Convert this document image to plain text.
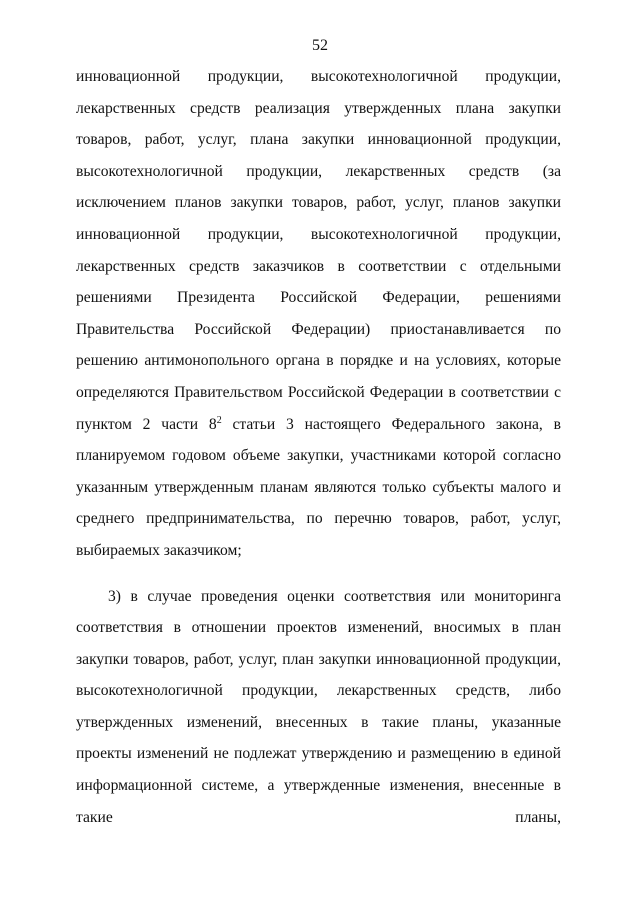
52

инновационной продукции, высокотехнологичной продукции, лекарственных средств реализация утвержденных плана закупки товаров, работ, услуг, плана закупки инновационной продукции, высокотехнологичной продукции, лекарственных средств (за исключением планов закупки товаров, работ, услуг, планов закупки инновационной продукции, высокотехнологичной продукции, лекарственных средств заказчиков в соответствии с отдельными решениями Президента Российской Федерации, решениями Правительства Российской Федерации) приостанавливается по решению антимонопольного органа в порядке и на условиях, которые определяются Правительством Российской Федерации в соответствии с пунктом 2 части $8^2$ статьи 3 настоящего Федерального закона, в планируемом годовом объеме закупки, участниками которой согласно указанным утвержденным планам являются только субъекты малого и среднего предпринимательства, по перечню товаров, работ, услуг, выбираемых заказчиком;

3) в случае проведения оценки соответствия или мониторинга соответствия в отношении проектов изменений, вносимых в план закупки товаров, работ, услуг, план закупки инновационной продукции, высокотехнологичной продукции, лекарственных средств, либо утвержденных изменений, внесенных в такие планы, указанные проекты изменений не подлежат утверждению и размещению в единой информационной системе, а утвержденные изменения, внесенные в такие планы,
